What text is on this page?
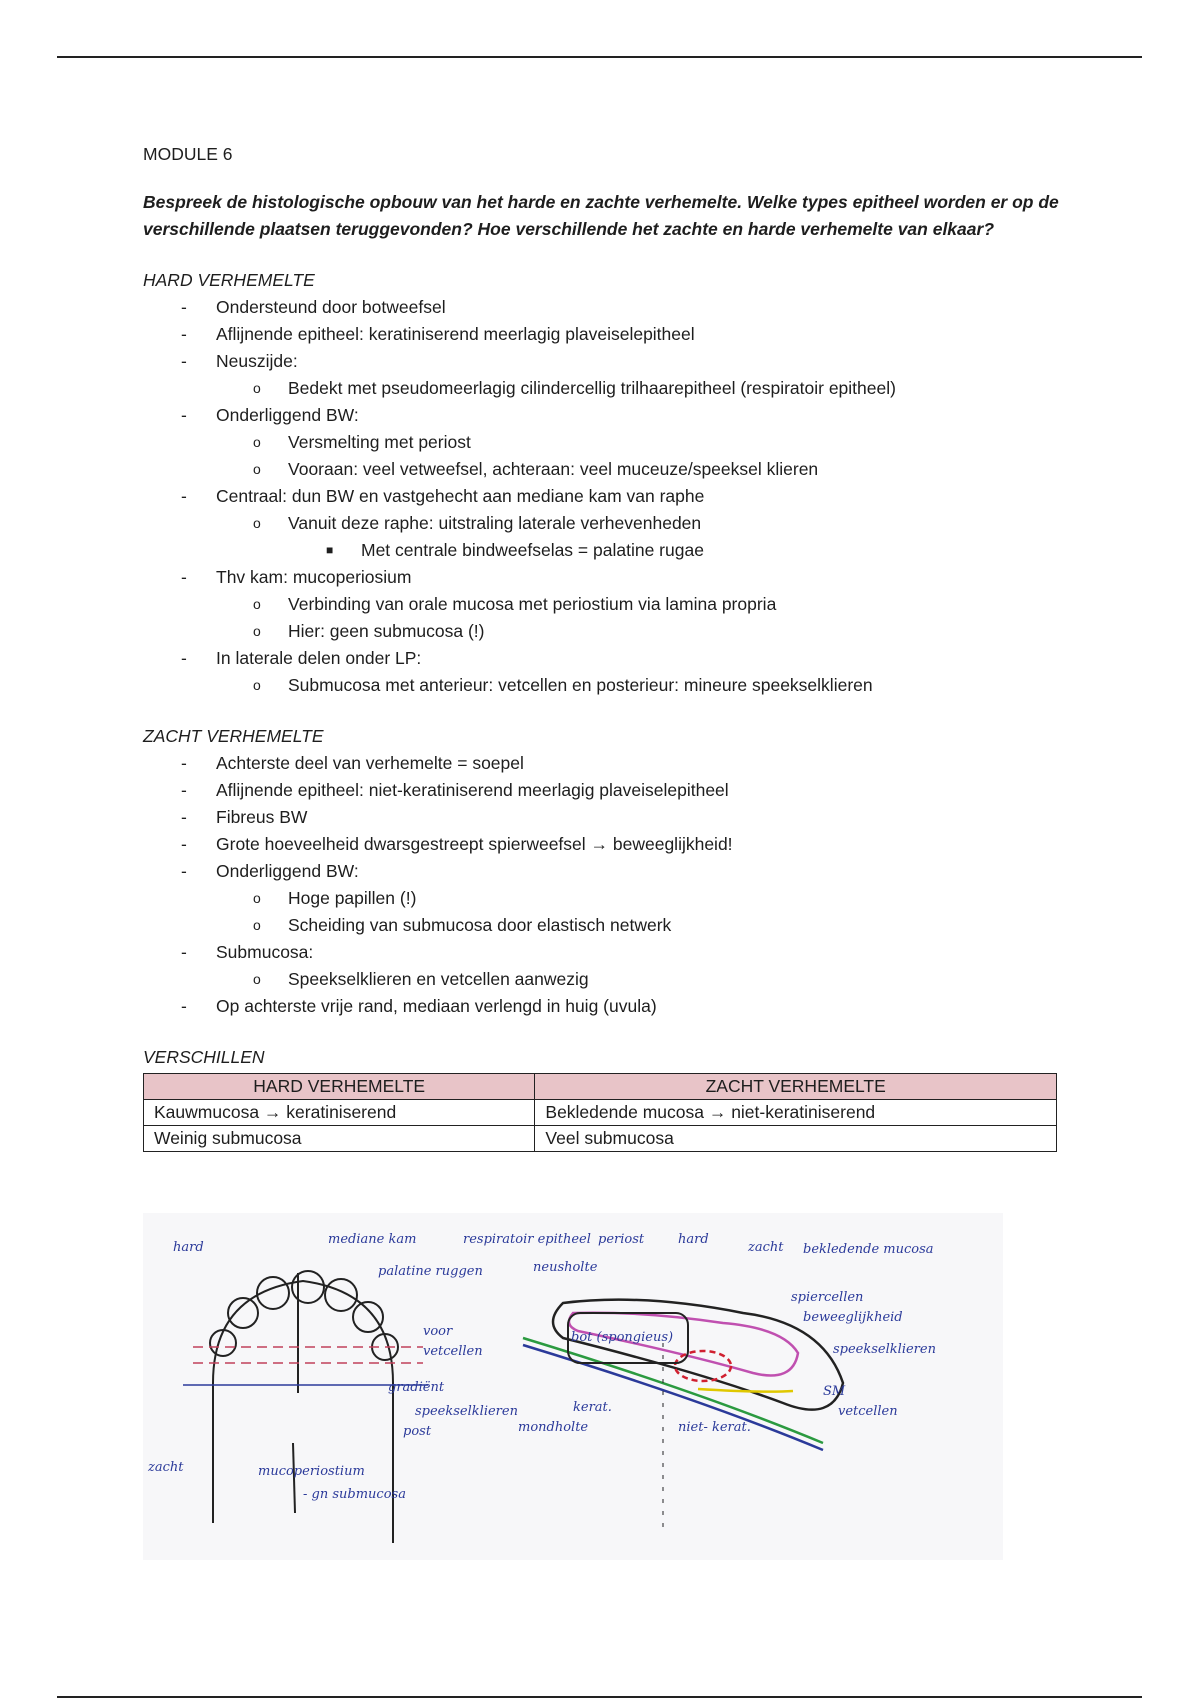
MODULE 6
Bespreek de histologische opbouw van het harde en zachte verhemelte. Welke types epitheel worden er op de verschillende plaatsen teruggevonden? Hoe verschillende het zachte en harde verhemelte van elkaar?
HARD VERHEMELTE
- Ondersteund door botweefsel
- Aflijnende epitheel: keratiniserend meerlagig plaveiselepitheel
- Neuszijde:
o Bedekt met pseudomeerlagig cilindercellig trilhaarepitheel (respiratoir epitheel)
- Onderliggend BW:
o Versmelting met periost
o Vooraan: veel vetweefsel, achteraan: veel muceuze/speeksel klieren
- Centraal: dun BW en vastgehecht aan mediane kam van raphe
o Vanuit deze raphe: uitstraling laterale verhevenheden
■ Met centrale bindweefselas = palatine rugae
- Thv kam: mucoperiosium
o Verbinding van orale mucosa met periostium via lamina propria
o Hier: geen submucosa (!)
- In laterale delen onder LP:
o Submucosa met anterieur: vetcellen en posterieur: mineure speekselklieren
ZACHT VERHEMELTE
- Achterste deel van verhemelte = soepel
- Aflijnende epitheel: niet-keratiniserend meerlagig plaveiselepitheel
- Fibreus BW
- Grote hoeveelheid dwarsgestreept spierweefsel → beweeglijkheid!
- Onderliggend BW:
o Hoge papillen (!)
o Scheiding van submucosa door elastisch netwerk
- Submucosa:
o Speekselklieren en vetcellen aanwezig
- Op achterste vrije rand, mediaan verlengd in huig (uvula)
VERSCHILLEN
HARD VERHEMELTE	ZACHT VERHEMELTE
Kauwmucosa → keratiniserend	Bekledende mucosa → niet-keratiniserend
Weinig submucosa	Veel submucosa
hard
zacht
mediane kam
palatine ruggen
voor
vetcellen
gradiënt
speekselklieren
post
mucoperiostium
- gn submucosa
respiratoir epitheel
neusholte
periost
bot (spongieus)
hard
zacht bekledende mucosa
spiercellen
beweeglijkheid
speekselklieren
SM
vetcellen
kerat.
mondholte	niet- kerat.
